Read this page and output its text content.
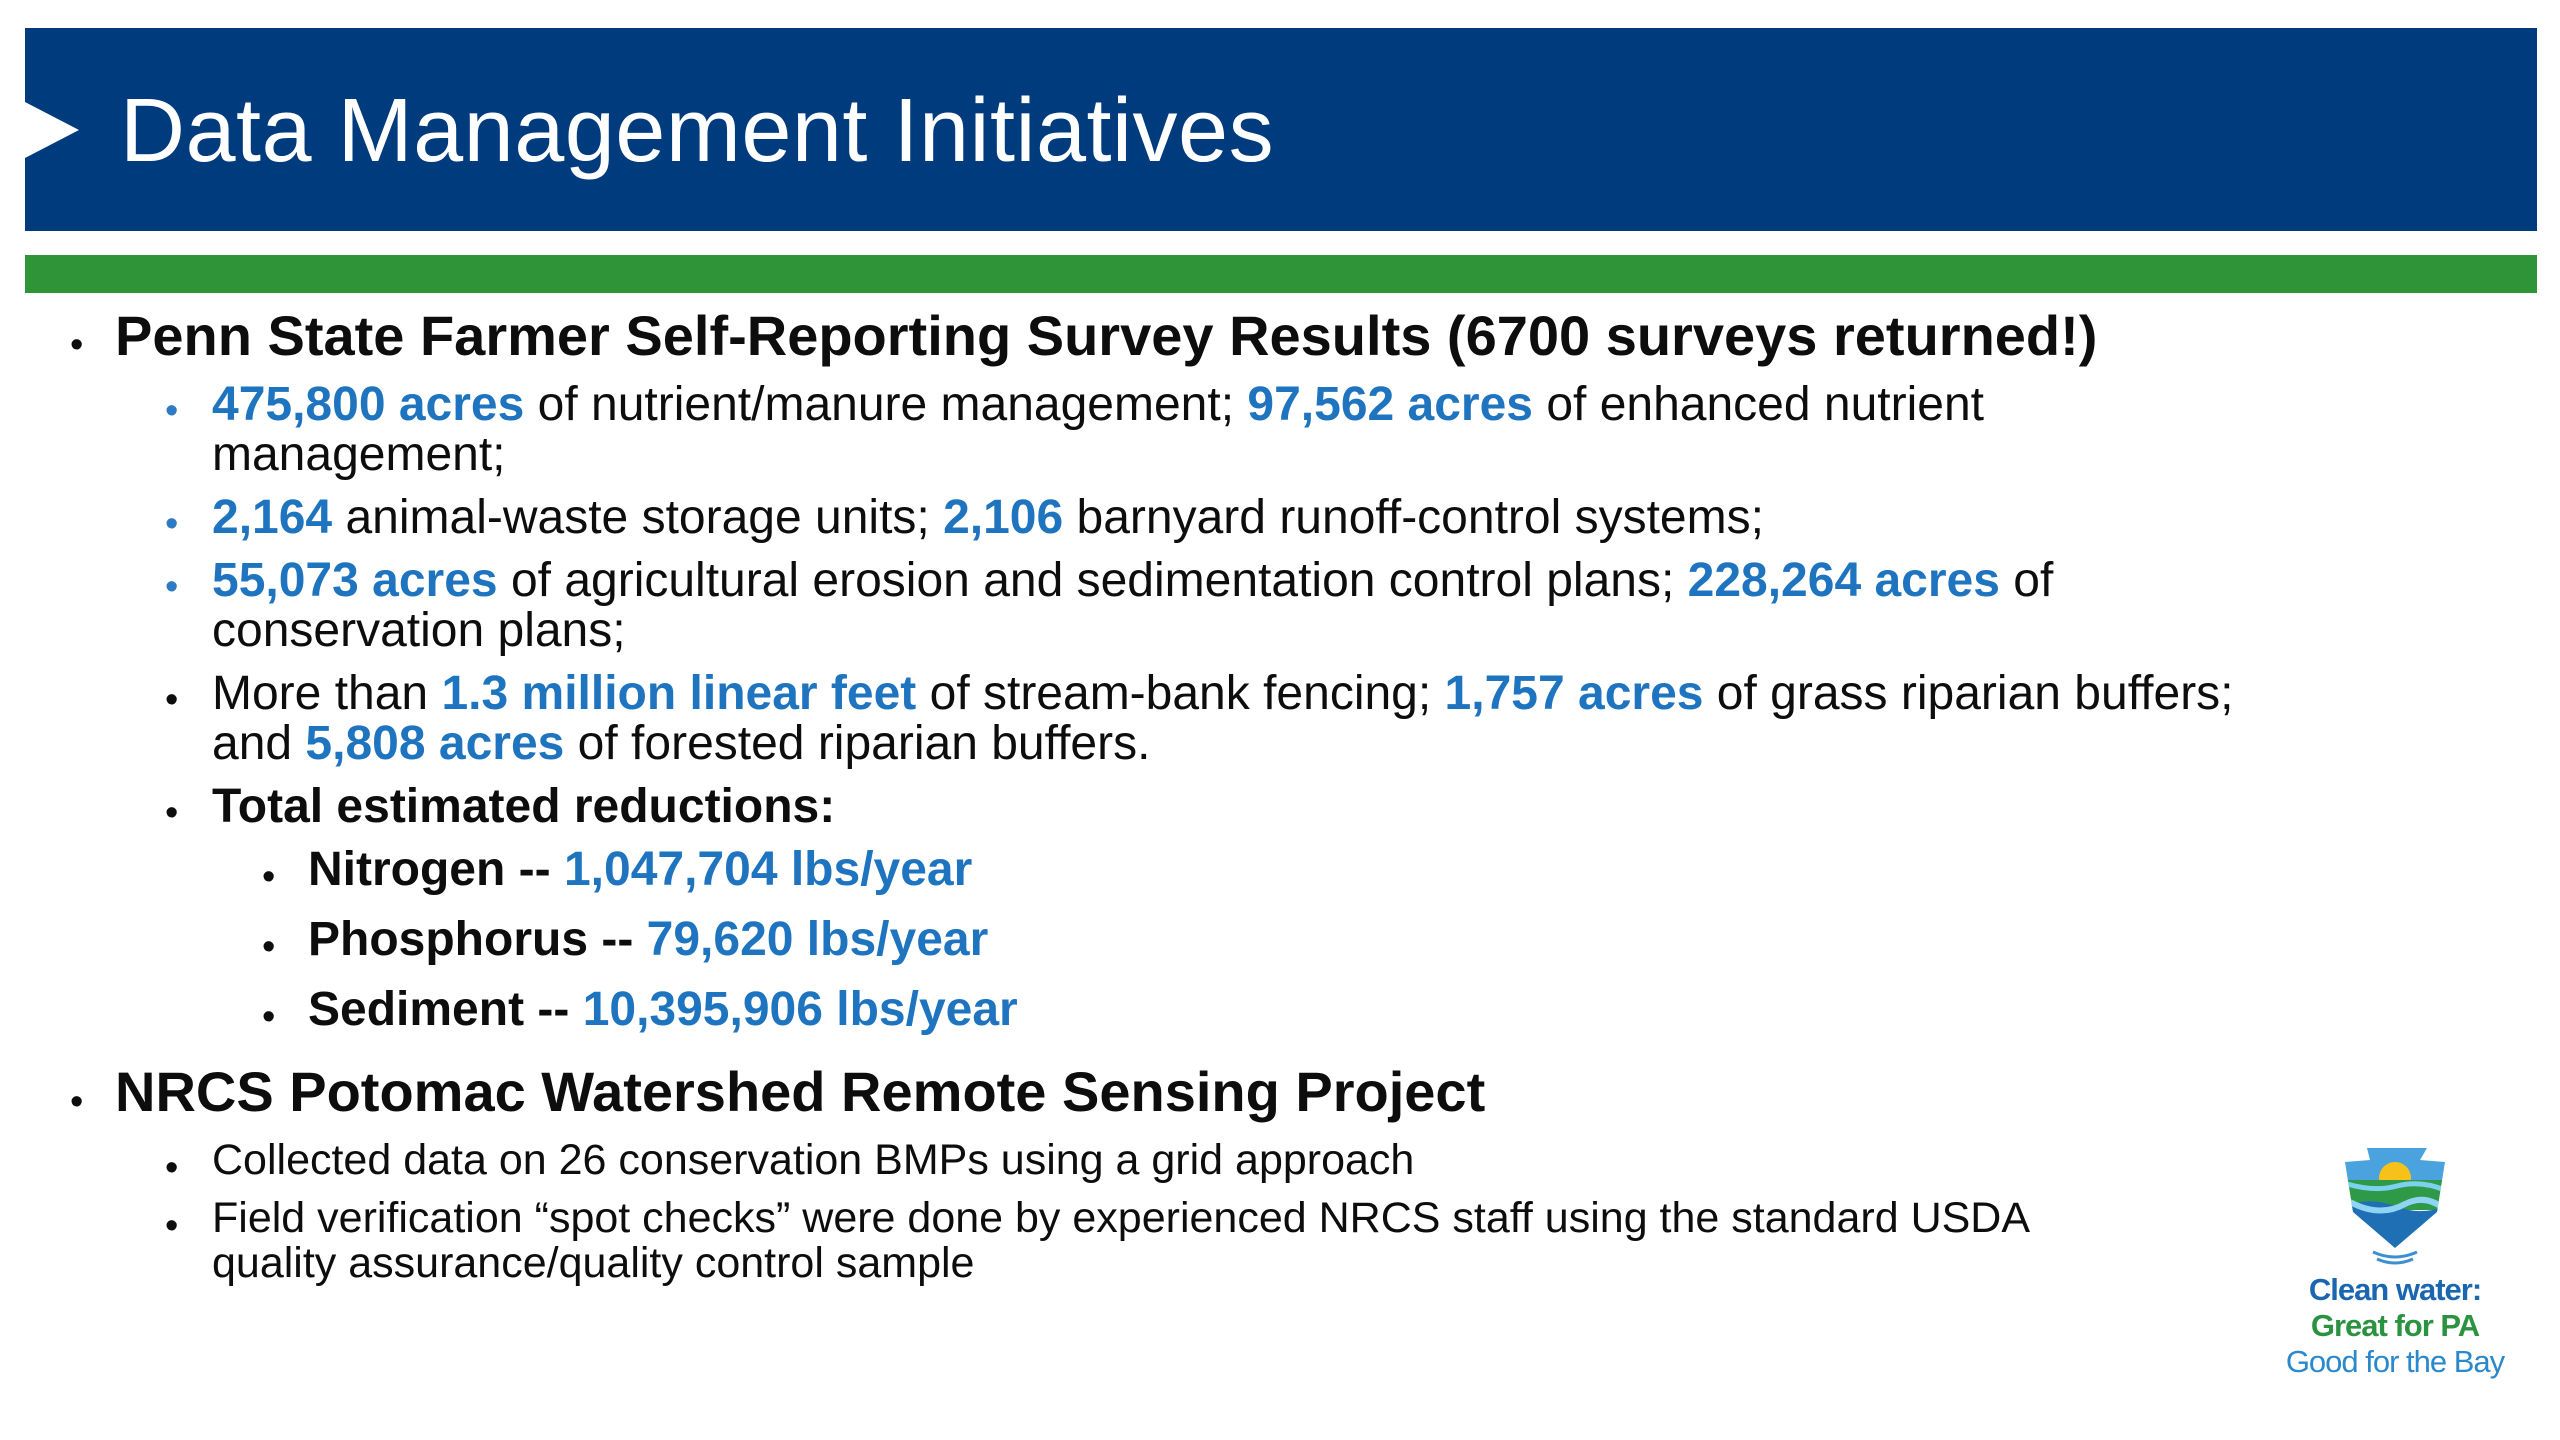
Data Management Initiatives
• Penn State Farmer Self-Reporting Survey Results (6700 surveys returned!)

• 475,800 acres of nutrient/manure management; 97,562 acres of enhanced nutrient
management;

• 2,164 animal-waste storage units; 2,106 barnyard runoff-control systems;

• 55,073 acres of agricultural erosion and sedimentation control plans; 228,264 acres of
conservation plans;

• More than 1.3 million linear feet of stream-bank fencing; 1,757 acres of grass riparian buffers;
and 5,808 acres of forested riparian buffers.

• Total estimated reductions:

• Nitrogen -- 1,047,704 lbs/year

• Phosphorus -- 79,620 lbs/year

• Sediment -- 10,395,906 lbs/year

• NRCS Potomac Watershed Remote Sensing Project

• Collected data on 26 conservation BMPs using a grid approach

• Field verification “spot checks” were done by experienced NRCS staff using the standard USDA
quality assurance/quality control sample

Clean water:

Great for PA

Good for the Bay
